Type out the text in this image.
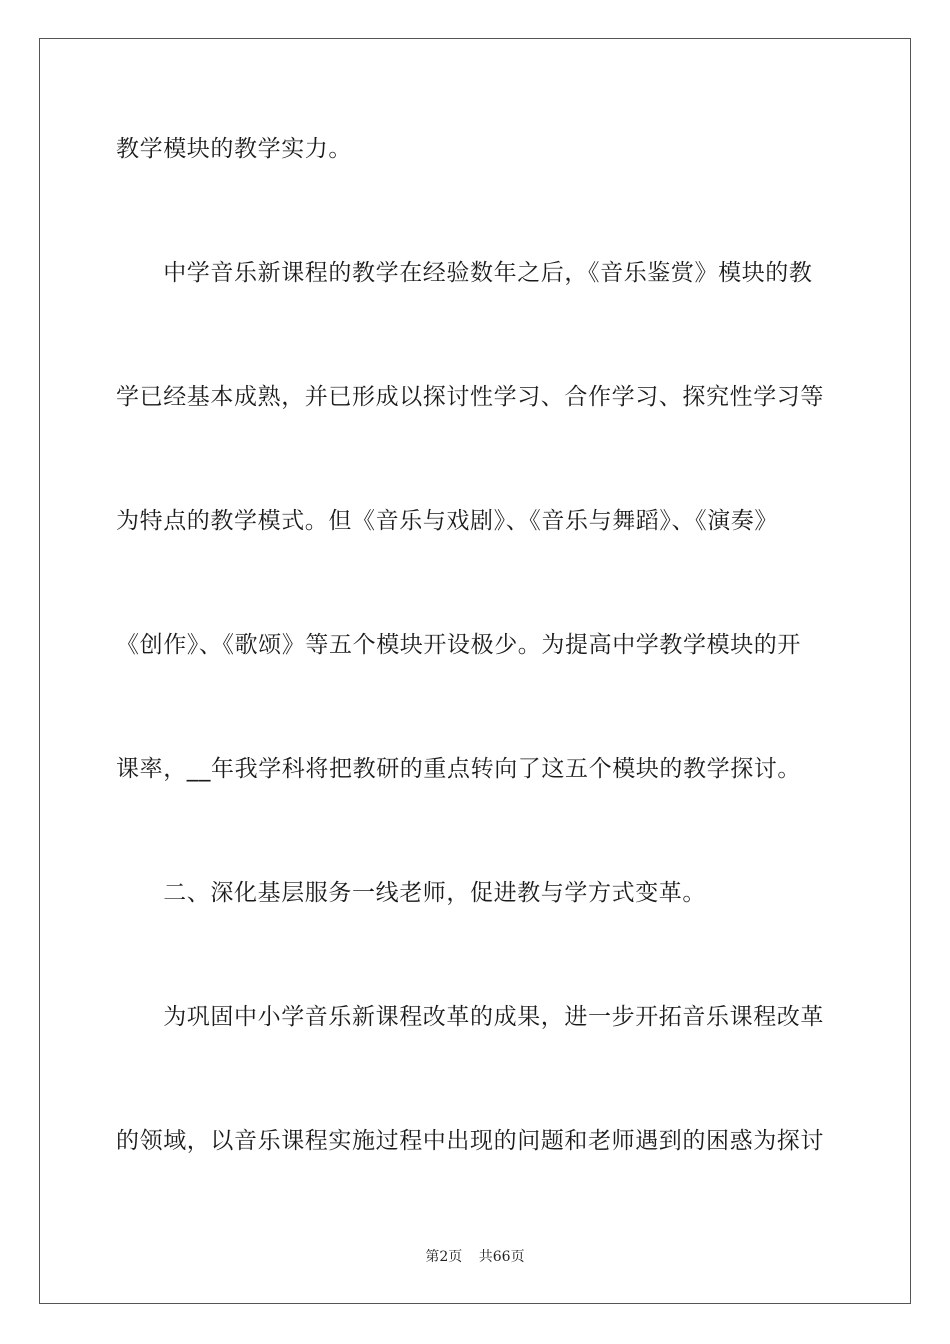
教学模块的教学实力。
　　中学音乐新课程的教学在经验数年之后，《音乐鉴赏》模块的教
学已经基本成熟，并已形成以探讨性学习、合作学习、探究性学习等
为特点的教学模式。但《音乐与戏剧》、《音乐与舞蹈》、《演奏》
《创作》、《歌颂》等五个模块开设极少。为提高中学教学模块的开
课率，__年我学科将把教研的重点转向了这五个模块的教学探讨。
　　二、深化基层服务一线老师，促进教与学方式变革。
　　为巩固中小学音乐新课程改革的成果，进一步开拓音乐课程改革
的领域，以音乐课程实施过程中出现的问题和老师遇到的困惑为探讨
第2页 共66页
